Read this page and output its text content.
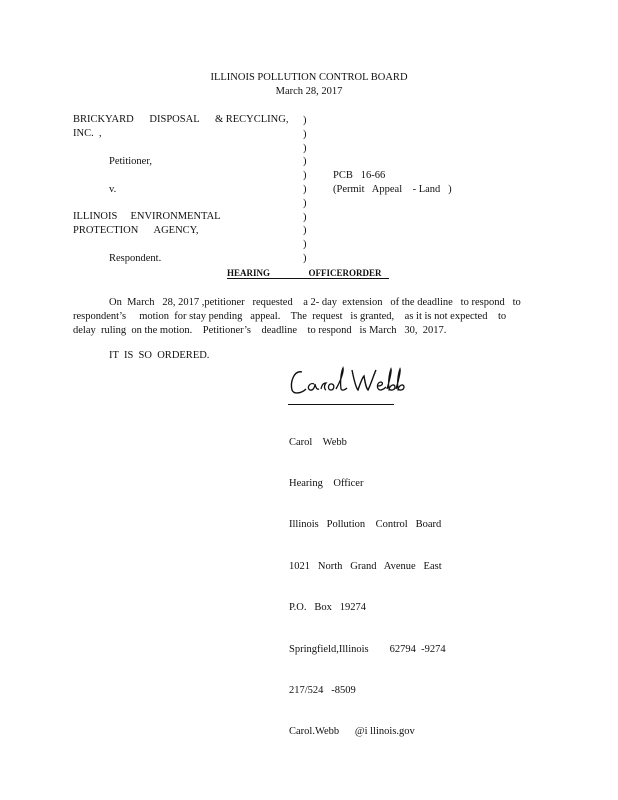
ILLINOIS POLLUTION CONTROL BOARD
March 28, 2017
BRICKYARD      DISPOSAL      & RECYCLING,
INC.  ,
Petitioner,
v.
ILLINOIS     ENVIRONMENTAL
PROTECTION      AGENCY,
Respondent.
)
)
)
)
)
)
)
)
)
)
)
PCB   16-66
(Permit   Appeal    - Land   )
HEARING	OFFICERORDER
On  March   28, 2017 ,petitioner   requested    a 2- day  extension   of the deadline   to respond   to
respondent’s     motion  for stay pending   appeal.    The  request   is granted,    as it is not expected    to
delay  ruling  on the motion.    Petitioner’s    deadline    to respond   is March   30,  2017.
IT  IS  SO  ORDERED.

Carol    Webb

Hearing    Officer

Illinois   Pollution    Control   Board

1021   North   Grand   Avenue   East

P.O.   Box   19274

Springfield,Illinois        62794  -9274

217/524   -8509

Carol.Webb      @i llinois.gov
